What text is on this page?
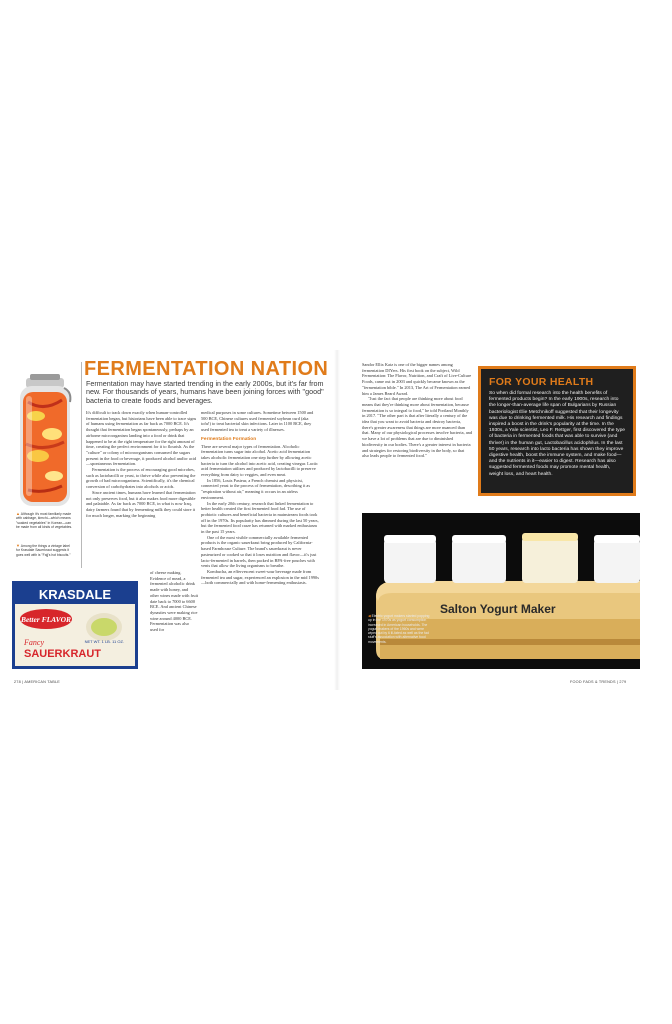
▲ Although it's most familiarly made with cabbage, kimchi—which means "soaked vegetables" in Korean—can be made from all kinds of vegetables.
▼ Among the things a vintage label for Krasdale Sauerkraut suggests it goes well with is "Fajj's hot biscuits."
KRASDALE
Better FLAVOR
NET WT. 1 LB. 11 OZ.
Fancy
SAUERKRAUT
FERMENTATION NATION
Fermentation may have started trending in the early 2000s, but it's far from new. For thousands of years, humans have been joining forces with "good" bacteria to create foods and beverages.

It's difficult to track down exactly when human-controlled fermentation began, but historians have been able to trace signs of humans using fermentation as far back as 7000 BCE. It's thought that fermentation began spontaneously, perhaps by an airborne microorganism landing into a food or drink that happened to be at the right temperature for the right amount of time, creating the perfect environment for it to flourish. As the "culture" or colony of microorganisms consumed the sugars present in the food or beverage, it produced alcohol and/or acid—spontaneous fermentation.

Fermentation is the process of encouraging good microbes, such as lactobacilli or yeast, to thrive while also preventing the growth of bad microorganisms. Scientifically, it's the chemical conversion of carbohydrates into alcohols or acids.

Since ancient times, humans have learned that fermentation not only preserves food, but it also makes food more digestible and palatable. As far back as 7000 BCE, in what is now Iraq, dairy farmers found that by fermenting milk they could store it for much longer, marking the beginning

of cheese making. Evidence of mead, a fermented alcoholic drink made with honey, and other wines made with fruit date back to 7000 to 6600 BCE. And ancient Chinese dynasties were making rice wine around 4000 BCE. Fermentation was also used for

medical purposes in some cultures. Sometime between 1500 and 500 BCE, Chinese cultures used fermented soybean curd (aka tofu!) to treat bacterial skin infections. Later in 1100 BCE, they used fermented tea to treat a variety of illnesses.

Fermentation Formation

There are several major types of fermentation. Alcoholic fermentation turns sugar into alcohol. Acetic acid fermentation takes alcoholic fermentation one step further by allowing acetic bacteria to turn the alcohol into acetic acid, creating vinegar. Lactic acid fermentation utilizes and produced by lactobacilli to preserve everything from dairy to veggies, and even meat.

In 1856, Louis Pasteur, a French chemist and physicist, connected yeast to the process of fermentation, describing it as "respiration without air," meaning it occurs in an airless environment.

In the early 20th century, research that linked fermentation to better health created the first fermented food fad. The use of probiotic cultures and beneficial bacteria in mainstream foods took off in the 1970s. Its popularity has dimmed during the last 50 years, but the fermented food craze has returned with marked enthusiasm in the past 15 years.

One of the most visible commercially available fermented products is the organic sauerkraut bring produced by California-based Farmhouse Culture. The brand's sauerkraut is never pasteurized or cooked so that it loses nutrition and flavor—it's just lacto-fermented in barrels, then packed in BPA-free pouches with vents that allow the living organisms to breathe.

Kombucha, an effervescent sweet-sour beverage made from fermented tea and sugar, experienced an explosion in the mid 1990s—both commercially and with home-fermenting enthusiasts.

278 | AMERICAN TABLE

Sandor Ellix Katz is one of the bigger names among fermentation DIYers. His first book on the subject, Wild Fermentation: The Flavor, Nutrition, and Craft of Live-Culture Foods, came out in 2003 and quickly became known as the "fermentation bible." In 2013, The Art of Fermentation earned him a James Beard Award.

"Just the fact that people are thinking more about food means that they're thinking more about fermentation, because fermentation is so integral to food," he told Portland Monthly in 2017. "The other part is that after literally a century of the idea that you want to avoid bacteria and destroy bacteria, there's greater awareness that things are more nuanced than that. Many of our physiological processes involve bacteria, and we have a lot of problems that are due to diminished biodiversity in our bodies. There's a greater interest in bacteria and strategies for restoring biodiversity in the body, so that also leads people to fermented food."

FOR YOUR HEALTH
So when did formal research into the health benefits of fermented products begin? In the early 1900s, research into the longer-than-average life span of Bulgarians by Russian bacteriologist Élie Metchnikoff suggested that their longevity was due to drinking fermented milk. His research and findings inspired a boost in the drink's popularity at the time. In the 1930s, a Yale scientist, Leo F. Rettger, first discovered the type of bacteria in fermented foods that was able to survive (and thrive!) in the human gut, Lactobacillus acidophilus. In the last 50 years, research into lacto bacteria has shown they improve digestive health, boost the immune system, and make food—and the nutrients in it—easier to digest. Research has also suggested fermented foods may promote mental health, weight loss, and heart health.
Salton Yogurt Maker
◀ Electric yogurt makers started popping up in the 1970s as yogurt consumption increased in American households. The yogurt makers of the 1960s and were wiped out by 6 ill-fated as well as the fad stuff's association with alternative food movements.
FOOD FADS & TRENDS | 279
